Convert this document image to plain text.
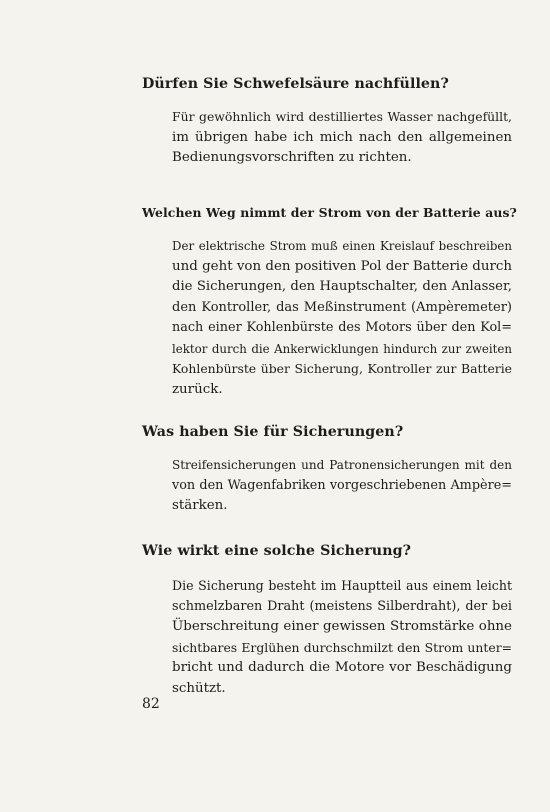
Dürfen Sie Schwefelsäure nachfüllen?
Für gewöhnlich wird destilliertes Wasser nachgefüllt,
im übrigen habe ich mich nach den allgemeinen
Bedienungsvorschriften zu richten.
Welchen Weg nimmt der Strom von der Batterie aus?
Der elektrische Strom muß einen Kreislauf beschreiben
und geht von den positiven Pol der Batterie durch
die Sicherungen, den Hauptschalter, den Anlasser,
den Kontroller, das Meßinstrument (Ampèremeter)
nach einer Kohlenbürste des Motors über den Kol=
lektor durch die Ankerwicklungen hindurch zur zweiten
Kohlenbürste über Sicherung, Kontroller zur Batterie
zurück.
Was haben Sie für Sicherungen?
Streifensicherungen und Patronensicherungen mit den
von den Wagenfabriken vorgeschriebenen Ampère=
stärken.
Wie wirkt eine solche Sicherung?
Die Sicherung besteht im Hauptteil aus einem leicht
schmelzbaren Draht (meistens Silberdraht), der bei
Überschreitung einer gewissen Stromstärke ohne
sichtbares Erglühen durchschmilzt den Strom unter=
bricht und dadurch die Motore vor Beschädigung
schützt.
82
